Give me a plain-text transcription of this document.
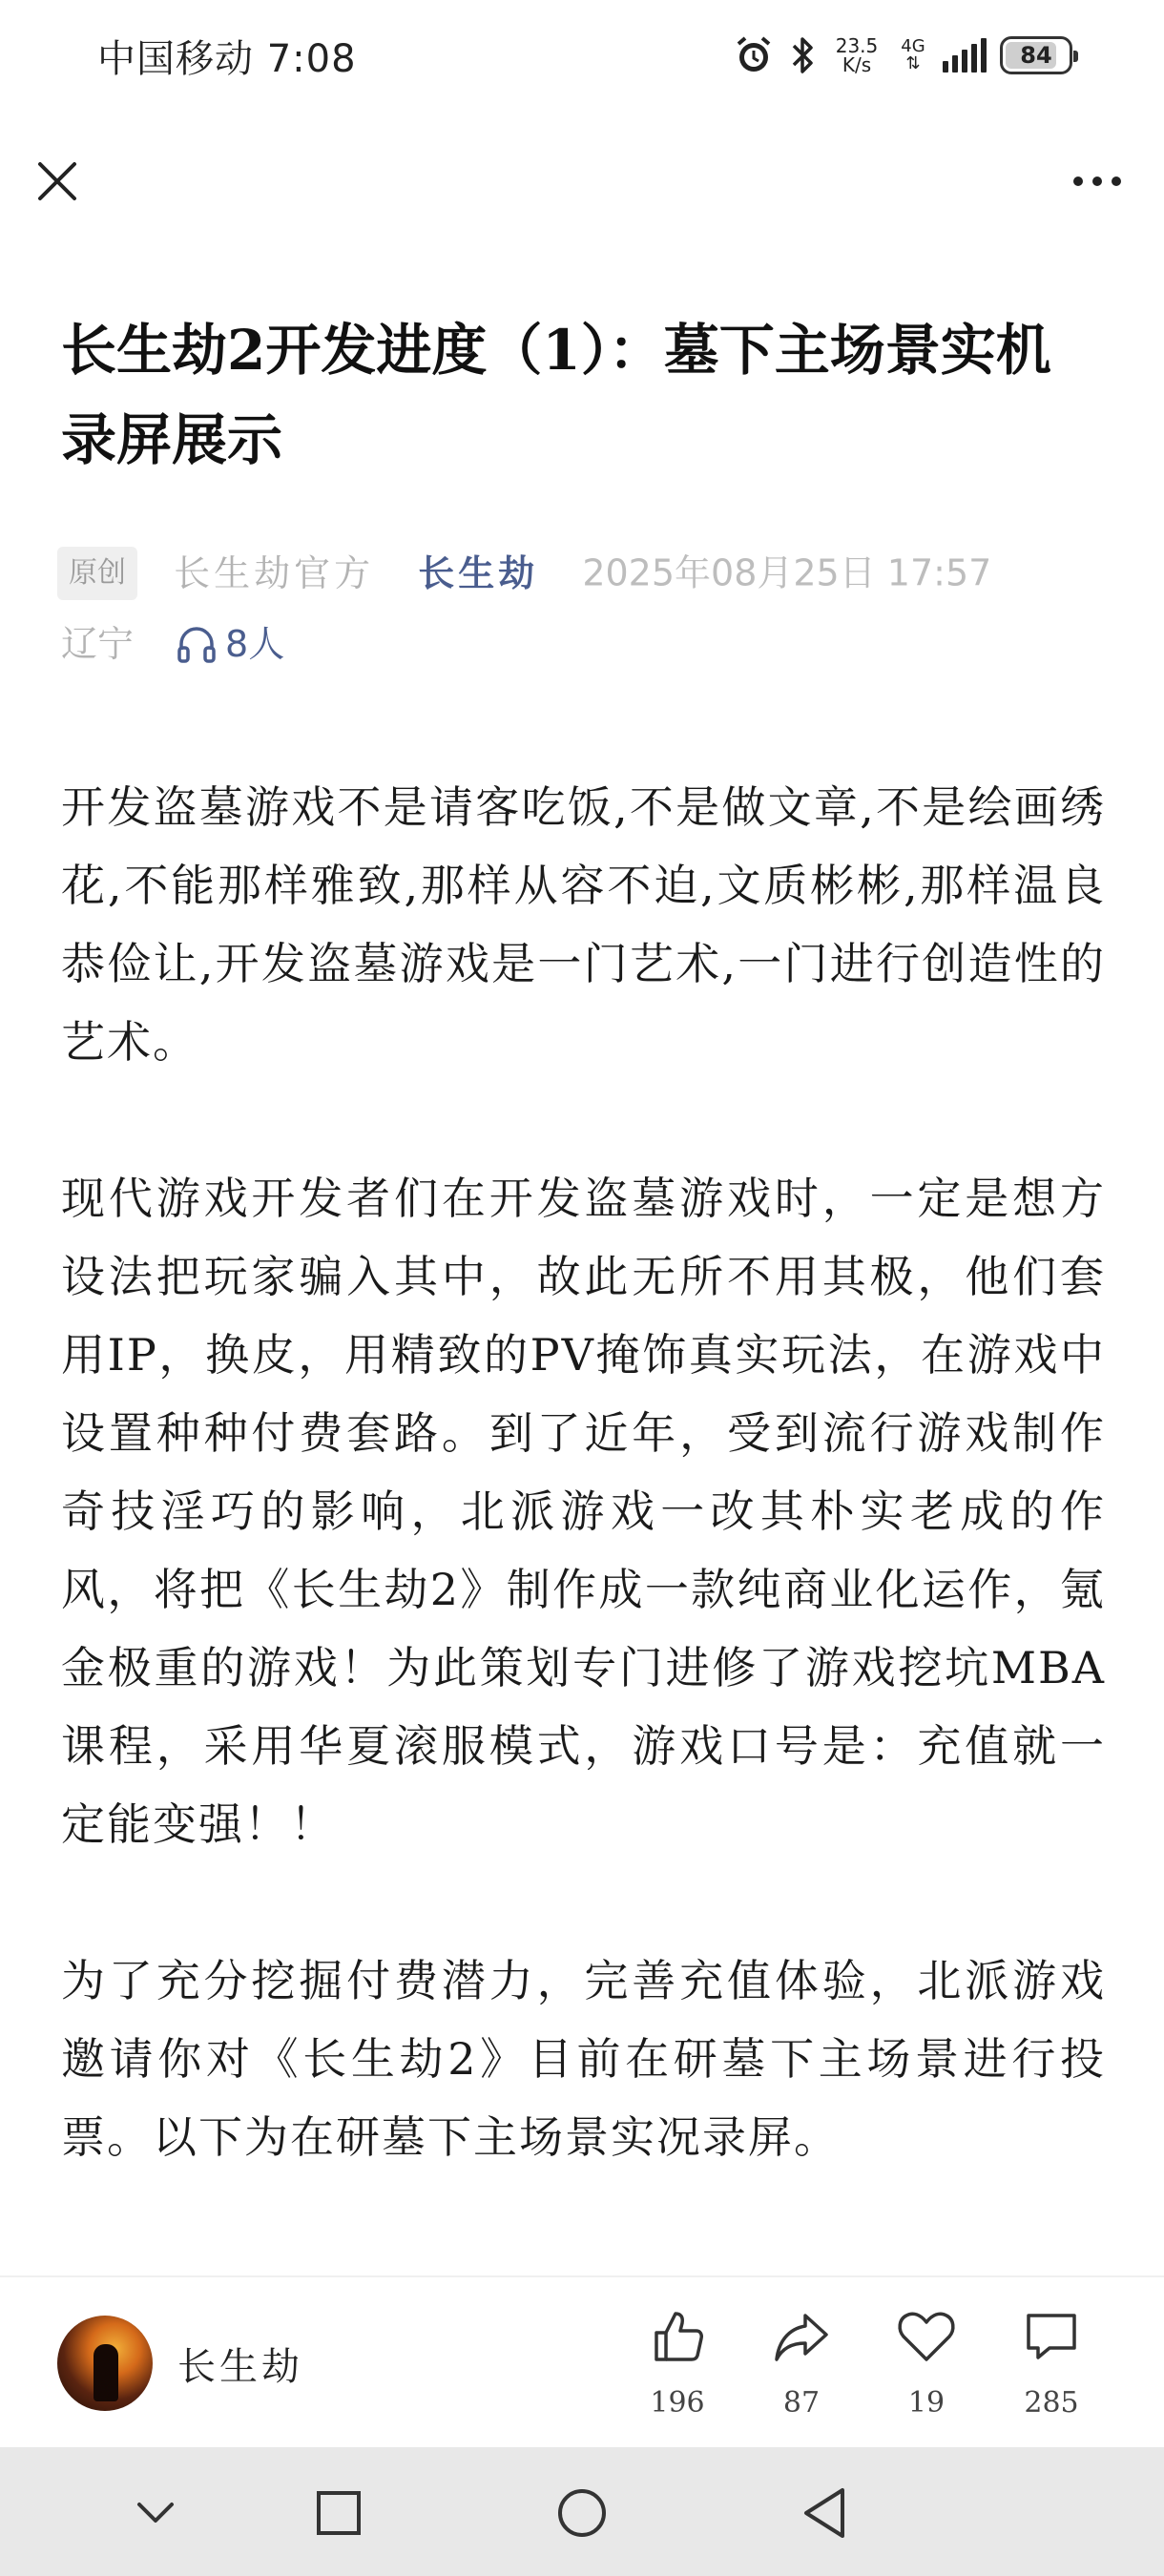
中国移动 7:08	23.5
K/s
4G
⇅	84
长生劫2开发进度（1）：墓下主场景实机录屏展示
原创 长生劫官方 长生劫 2025年08月25日 17:57
辽宁	8人

开发盗墓游戏不是请客吃饭,不是做文章,不是绘画绣花,不能那样雅致,那样从容不迫,文质彬彬,那样温良恭俭让,开发盗墓游戏是一门艺术,一门进行创造性的艺术。

现代游戏开发者们在开发盗墓游戏时，一定是想方设法把玩家骗入其中，故此无所不用其极，他们套用IP，换皮，用精致的PV掩饰真实玩法，在游戏中设置种种付费套路。到了近年，受到流行游戏制作奇技淫巧的影响，北派游戏一改其朴实老成的作风，将把《长生劫2》制作成一款纯商业化运作，氪金极重的游戏！为此策划专门进修了游戏挖坑MBA课程，采用华夏滚服模式，游戏口号是：充值就一定能变强！！

为了充分挖掘付费潜力，完善充值体验，北派游戏邀请你对《长生劫2》目前在研墓下主场景进行投票。以下为在研墓下主场景实况录屏。

长生劫
196	87	19	285
